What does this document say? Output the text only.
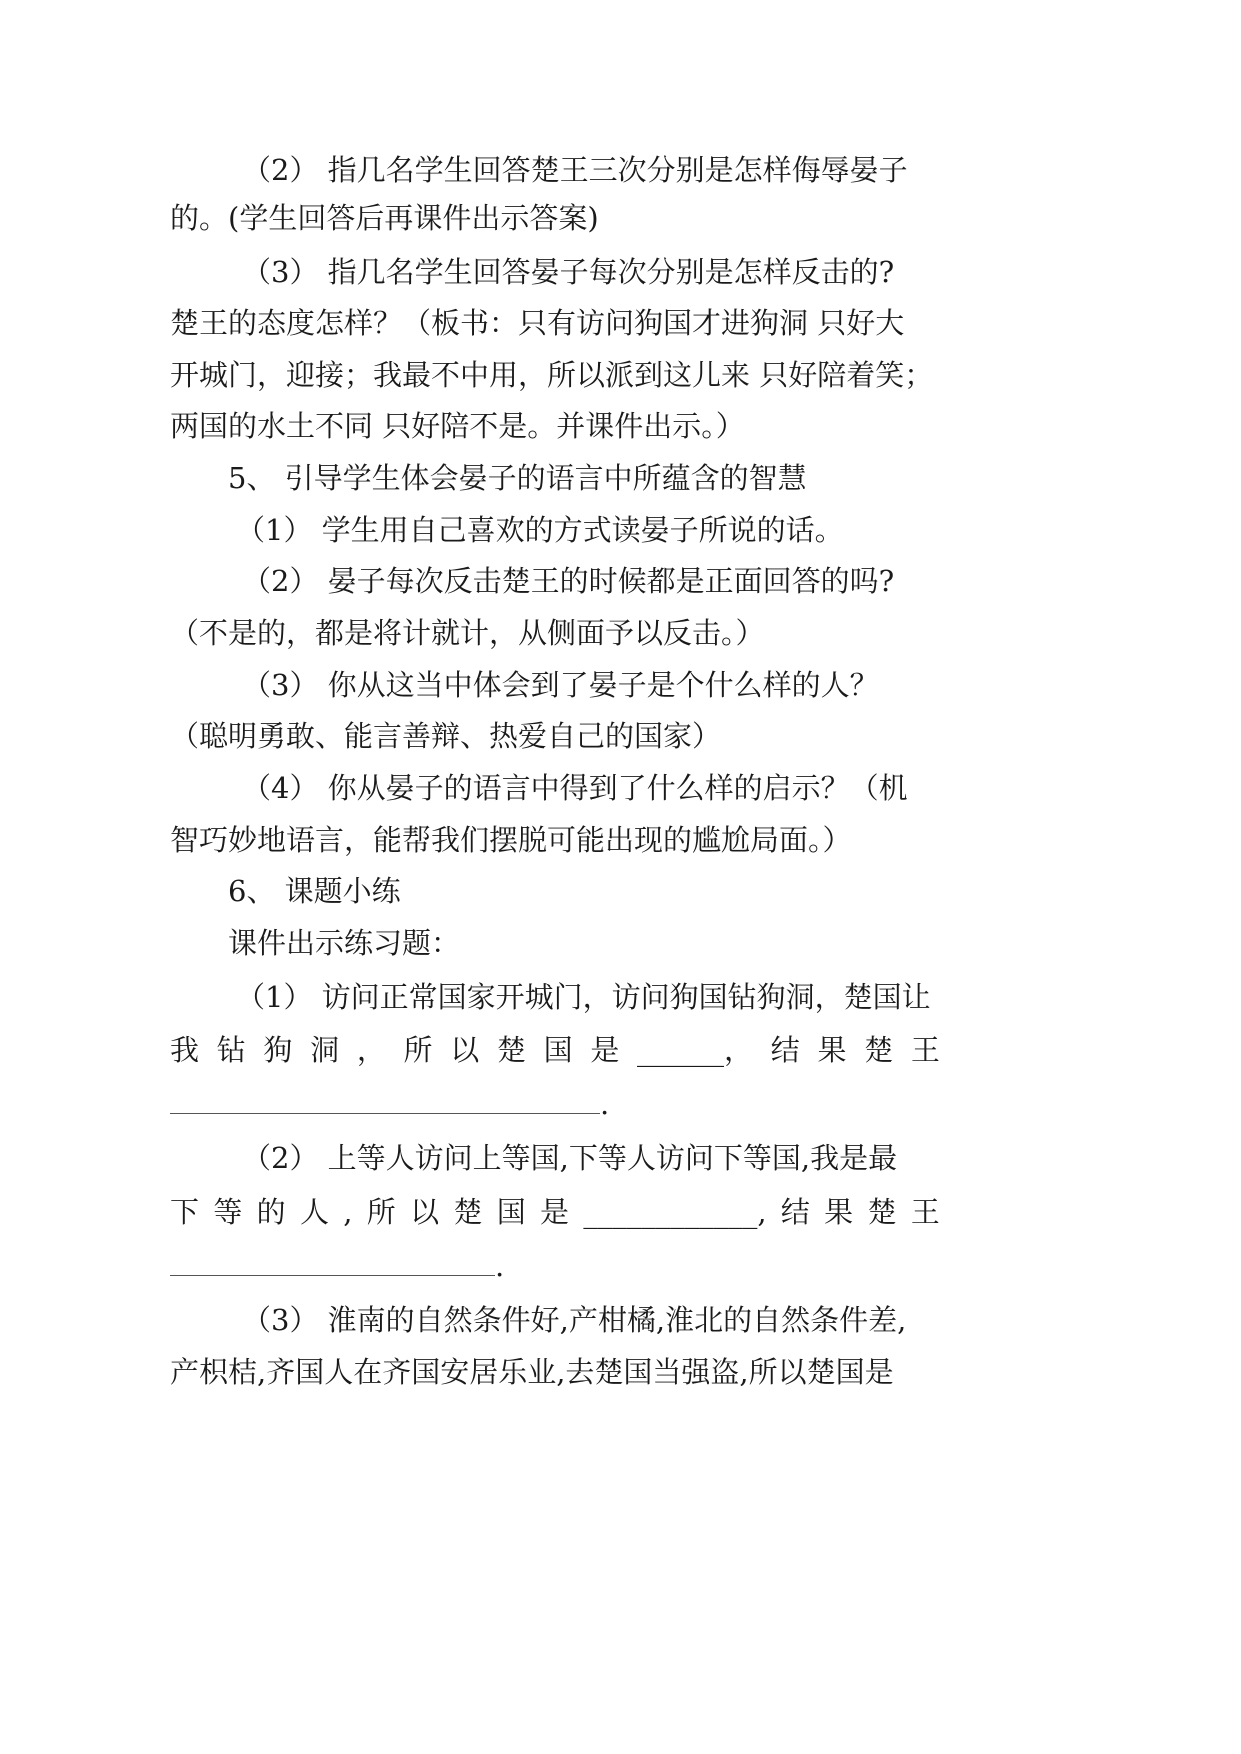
（2） 指几名学生回答楚王三次分别是怎样侮辱晏子
的。(学生回答后再课件出示答案)
（3） 指几名学生回答晏子每次分别是怎样反击的?
楚王的态度怎样？（板书：只有访问狗国才进狗洞 只好大
开城门，迎接；我最不中用，所以派到这儿来 只好陪着笑；
两国的水土不同 只好陪不是。并课件出示。）
5、 引导学生体会晏子的语言中所蕴含的智慧
（1） 学生用自己喜欢的方式读晏子所说的话。
（2） 晏子每次反击楚王的时候都是正面回答的吗?
（不是的，都是将计就计，从侧面予以反击。）
（3） 你从这当中体会到了晏子是个什么样的人？
（聪明勇敢、能言善辩、热爱自己的国家）
（4） 你从晏子的语言中得到了什么样的启示？（机
智巧妙地语言，能帮我们摆脱可能出现的尴尬局面。）
6、 课题小练
课件出示练习题：
（1） 访问正常国家开城门，访问狗国钻狗洞，楚国让
我 钻 狗 洞 ， 所 以 楚 国 是 ______， 结 果 楚 王
.
（2） 上等人访问上等国,下等人访问下等国,我是最
下 等 的 人 , 所 以 楚 国 是 ____________, 结 果 楚 王
.
（3） 淮南的自然条件好,产柑橘,淮北的自然条件差,
产枳桔,齐国人在齐国安居乐业,去楚国当强盗,所以楚国是
